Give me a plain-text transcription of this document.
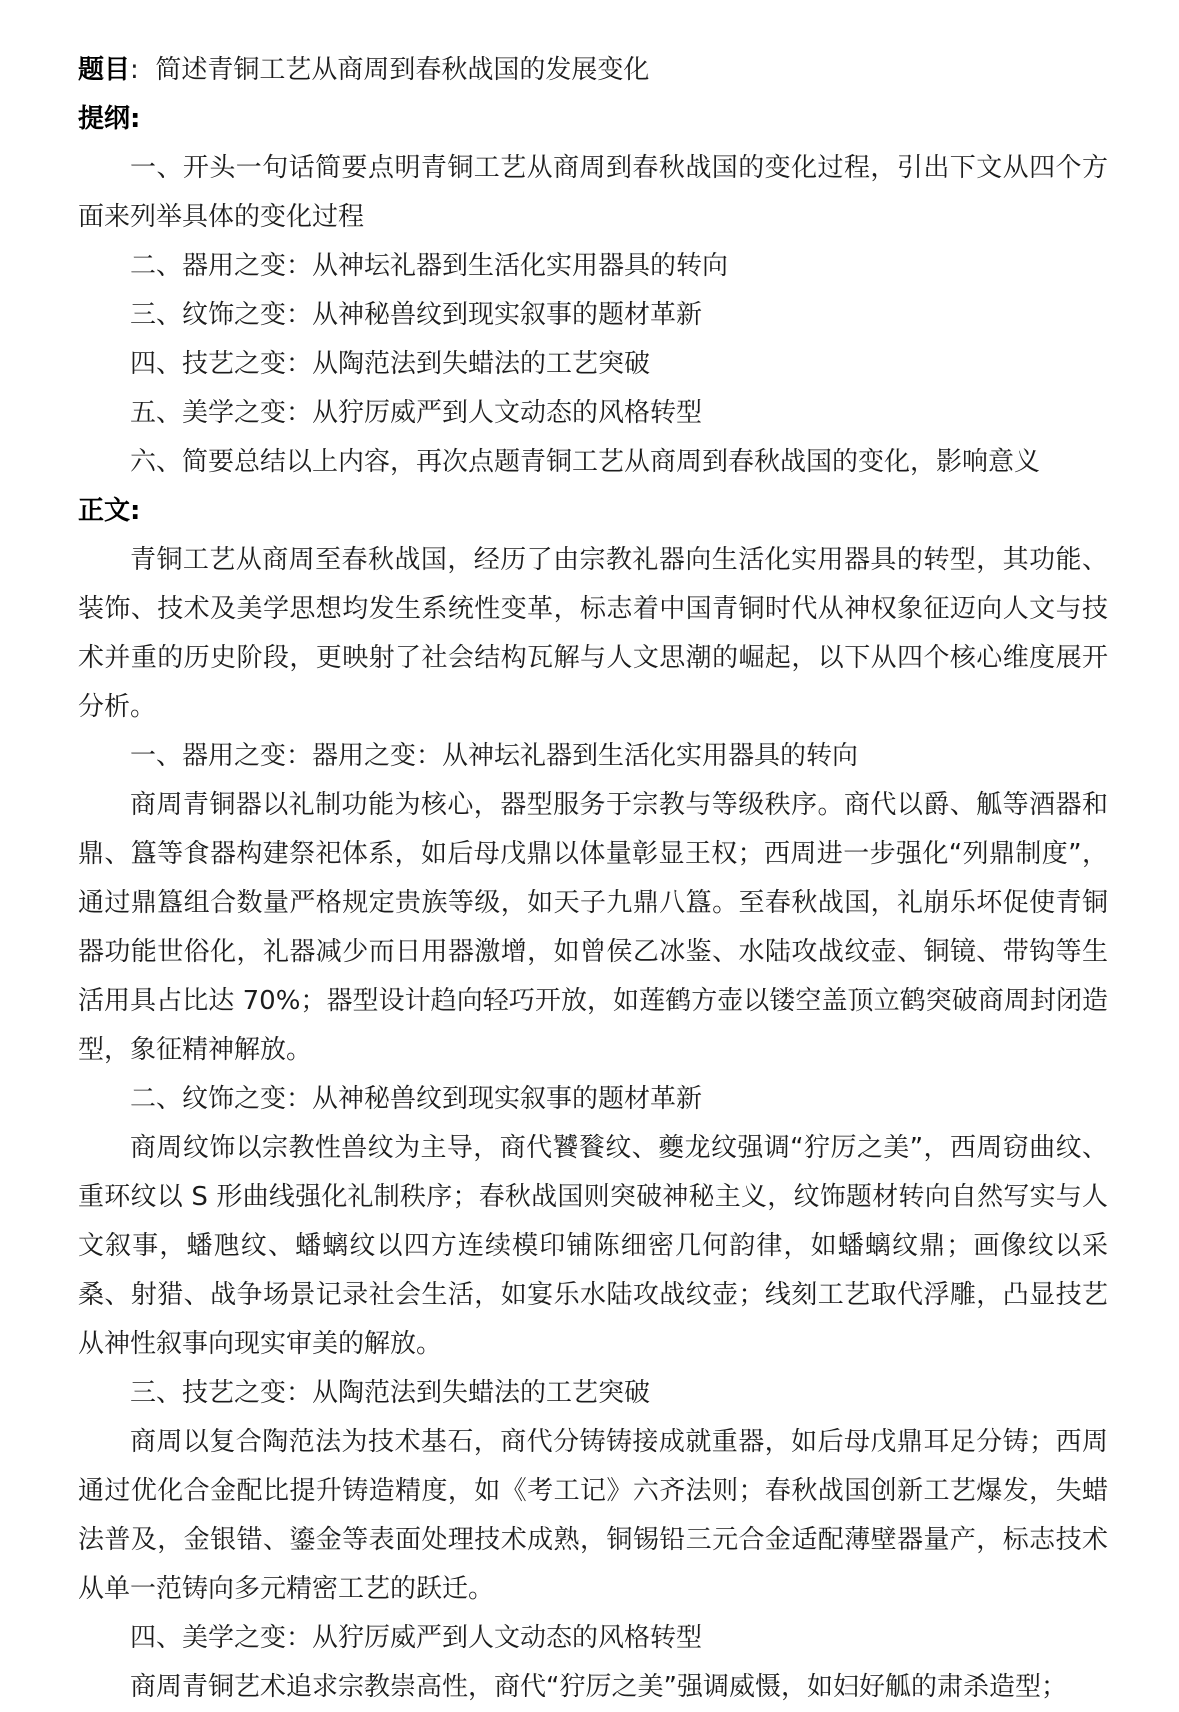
题目: 简述青铜工艺从商周到春秋战国的发展变化

提纲:

一、开头一句话简要点明青铜工艺从商周到春秋战国的变化过程，引出下文从四个方面来列举具体的变化过程

二、器用之变：从神坛礼器到生活化实用器具的转向

三、纹饰之变：从神秘兽纹到现实叙事的题材革新

四、技艺之变：从陶范法到失蜡法的工艺突破

五、美学之变：从狞厉威严到人文动态的风格转型

六、简要总结以上内容，再次点题青铜工艺从商周到春秋战国的变化，影响意义

正文:

青铜工艺从商周至春秋战国，经历了由宗教礼器向生活化实用器具的转型，其功能、装饰、技术及美学思想均发生系统性变革，标志着中国青铜时代从神权象征迈向人文与技术并重的历史阶段，更映射了社会结构瓦解与人文思潮的崛起，以下从四个核心维度展开分析。

一、器用之变：器用之变：从神坛礼器到生活化实用器具的转向

商周青铜器以礼制功能为核心，器型服务于宗教与等级秩序。商代以爵、觚等酒器和鼎、簋等食器构建祭祀体系，如后母戊鼎以体量彰显王权；西周进一步强化“列鼎制度”，通过鼎簋组合数量严格规定贵族等级，如天子九鼎八簋。至春秋战国，礼崩乐坏促使青铜器功能世俗化，礼器减少而日用器激增，如曾侯乙冰鉴、水陆攻战纹壶、铜镜、带钩等生活用具占比达 70%；器型设计趋向轻巧开放，如莲鹤方壶以镂空盖顶立鹤突破商周封闭造型，象征精神解放。

二、纹饰之变：从神秘兽纹到现实叙事的题材革新

商周纹饰以宗教性兽纹为主导，商代饕餮纹、夔龙纹强调“狞厉之美”，西周窃曲纹、重环纹以 S 形曲线强化礼制秩序；春秋战国则突破神秘主义，纹饰题材转向自然写实与人文叙事，蟠虺纹、蟠螭纹以四方连续模印铺陈细密几何韵律，如蟠螭纹鼎；画像纹以采桑、射猎、战争场景记录社会生活，如宴乐水陆攻战纹壶；线刻工艺取代浮雕，凸显技艺从神性叙事向现实审美的解放。

三、技艺之变：从陶范法到失蜡法的工艺突破

商周以复合陶范法为技术基石，商代分铸铸接成就重器，如后母戊鼎耳足分铸；西周通过优化合金配比提升铸造精度，如《考工记》六齐法则；春秋战国创新工艺爆发，失蜡法普及，金银错、鎏金等表面处理技术成熟，铜锡铅三元合金适配薄壁器量产，标志技术从单一范铸向多元精密工艺的跃迁。

四、美学之变：从狞厉威严到人文动态的风格转型

商周青铜艺术追求宗教崇高性，商代“狞厉之美”强调威慑，如妇好觚的肃杀造型；
